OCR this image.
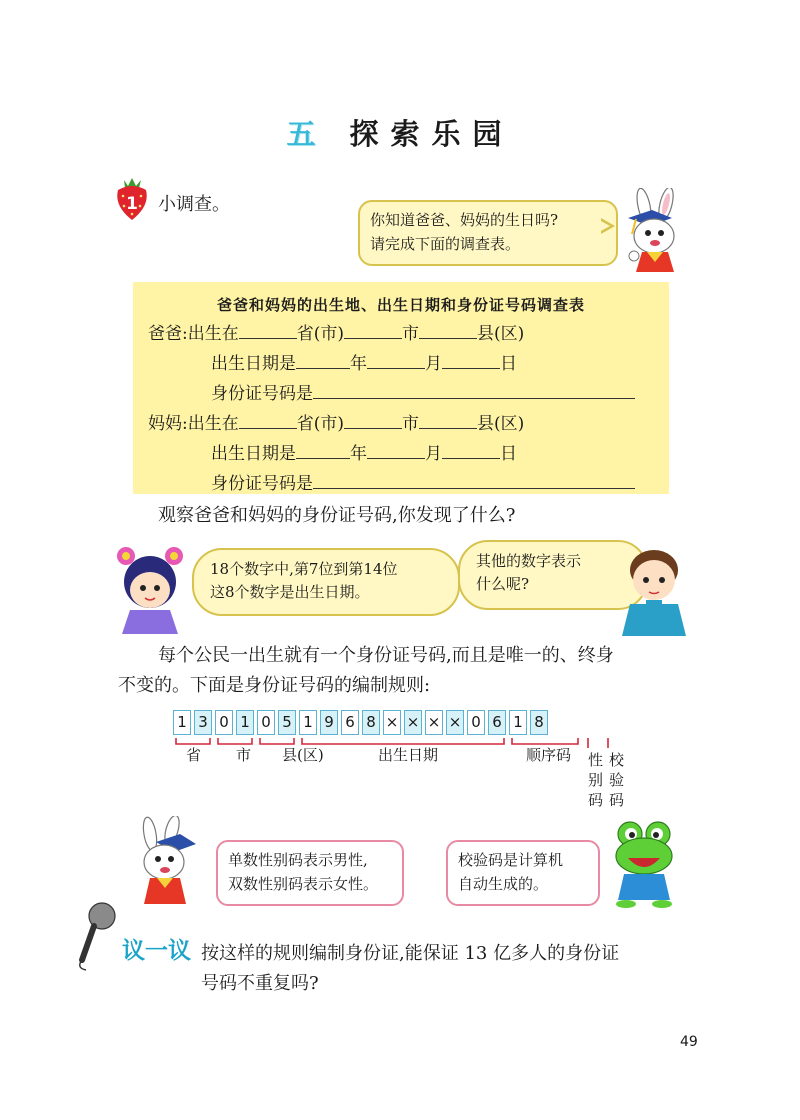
五 探索乐园
1 小调查。
你知道爸爸、妈妈的生日吗?
请完成下面的调查表。
爸爸和妈妈的出生地、出生日期和身份证号码调查表
爸爸:出生在	省(市)	市	县(区)
出生日期是	年	月	日
身份证号码是
妈妈:出生在	省(市)	市	县(区)
出生日期是	年	月	日
身份证号码是
观察爸爸和妈妈的身份证号码,你发现了什么?
18个数字中,第7位到第14位
这8个数字是出生日期。
其他的数字表示
什么呢?
每个公民一出生就有一个身份证号码,而且是唯一的、终身
不变的。下面是身份证号码的编制规则:
1 3 0 1 0 5 1 9 6 8 × × × × 0 6 1 8
省 市 县(区)	出生日期	顺序码 性别码
校验码
单数性别码表示男性,
双数性别码表示女性。
校验码是计算机
自动生成的。
议一议 按这样的规则编制身份证,能保证 13 亿多人的身份证
号码不重复吗?
49
